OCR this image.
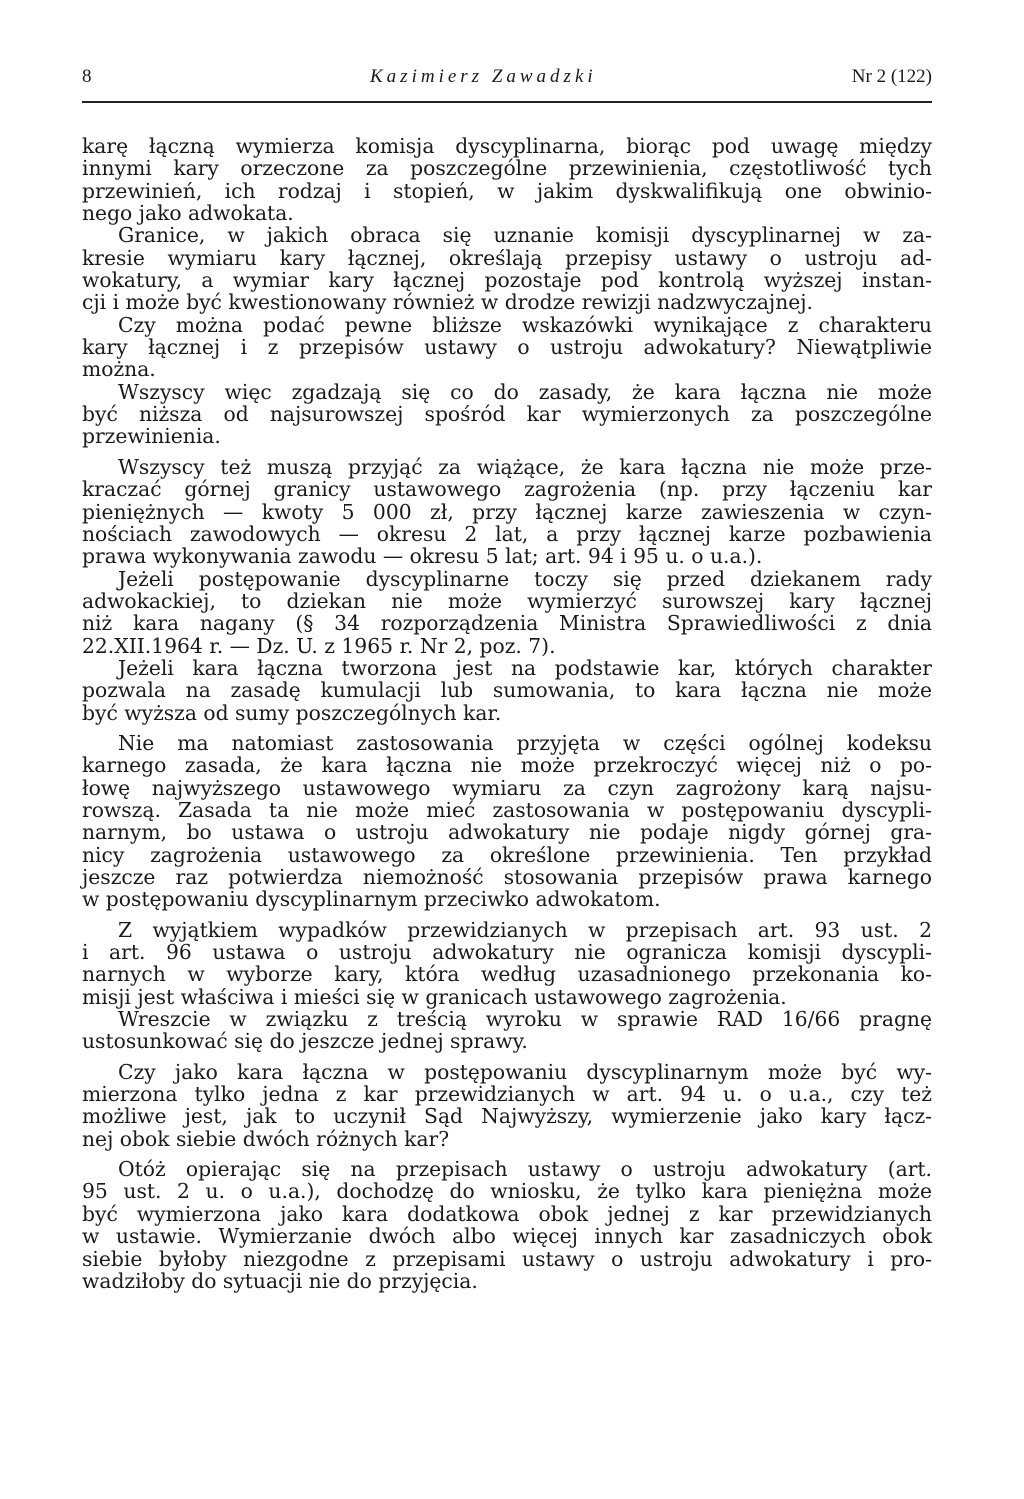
8	Kazimierz Zawadzki	Nr 2 (122)
karę łączną wymierza komisja dyscyplinarna, biorąc pod uwagę między
innymi kary orzeczone za poszczególne przewinienia, częstotliwość tych
przewinień, ich rodzaj i stopień, w jakim dyskwalifikują one obwinio-
nego jako adwokata.
Granice, w jakich obraca się uznanie komisji dyscyplinarnej w za-
kresie wymiaru kary łącznej, określają przepisy ustawy o ustroju ad-
wokatury, a wymiar kary łącznej pozostaje pod kontrolą wyższej instan-
cji i może być kwestionowany również w drodze rewizji nadzwyczajnej.
Czy można podać pewne bliższe wskazówki wynikające z charakteru
kary łącznej i z przepisów ustawy o ustroju adwokatury? Niewątpliwie
można.
Wszyscy więc zgadzają się co do zasady, że kara łączna nie może
być niższa od najsurowszej spośród kar wymierzonych za poszczególne
przewinienia.
Wszyscy też muszą przyjąć za wiążące, że kara łączna nie może prze-
kraczać górnej granicy ustawowego zagrożenia (np. przy łączeniu kar
pieniężnych — kwoty 5 000 zł, przy łącznej karze zawieszenia w czyn-
nościach zawodowych — okresu 2 lat, a przy łącznej karze pozbawienia
prawa wykonywania zawodu — okresu 5 lat; art. 94 i 95 u. o u.a.).
Jeżeli postępowanie dyscyplinarne toczy się przed dziekanem rady
adwokackiej, to dziekan nie może wymierzyć surowszej kary łącznej
niż kara nagany (§ 34 rozporządzenia Ministra Sprawiedliwości z dnia
22.XII.1964 r. — Dz. U. z 1965 r. Nr 2, poz. 7).
Jeżeli kara łączna tworzona jest na podstawie kar, których charakter
pozwala na zasadę kumulacji lub sumowania, to kara łączna nie może
być wyższa od sumy poszczególnych kar.
Nie ma natomiast zastosowania przyjęta w części ogólnej kodeksu
karnego zasada, że kara łączna nie może przekroczyć więcej niż o po-
łowę najwyższego ustawowego wymiaru za czyn zagrożony karą najsu-
rowszą. Zasada ta nie może mieć zastosowania w postępowaniu dyscypli-
narnym, bo ustawa o ustroju adwokatury nie podaje nigdy górnej gra-
nicy zagrożenia ustawowego za określone przewinienia. Ten przykład
jeszcze raz potwierdza niemożność stosowania przepisów prawa karnego
w postępowaniu dyscyplinarnym przeciwko adwokatom.
Z wyjątkiem wypadków przewidzianych w przepisach art. 93 ust. 2
i art. 96 ustawa o ustroju adwokatury nie ogranicza komisji dyscypli-
narnych w wyborze kary, która według uzasadnionego przekonania ko-
misji jest właściwa i mieści się w granicach ustawowego zagrożenia.
Wreszcie w związku z treścią wyroku w sprawie RAD 16/66 pragnę
ustosunkować się do jeszcze jednej sprawy.
Czy jako kara łączna w postępowaniu dyscyplinarnym może być wy-
mierzona tylko jedna z kar przewidzianych w art. 94 u. o u.a., czy też
możliwe jest, jak to uczynił Sąd Najwyższy, wymierzenie jako kary łącz-
nej obok siebie dwóch różnych kar?
Otóż opierając się na przepisach ustawy o ustroju adwokatury (art.
95 ust. 2 u. o u.a.), dochodzę do wniosku, że tylko kara pieniężna może
być wymierzona jako kara dodatkowa obok jednej z kar przewidzianych
w ustawie. Wymierzanie dwóch albo więcej innych kar zasadniczych obok
siebie byłoby niezgodne z przepisami ustawy o ustroju adwokatury i pro-
wadziłoby do sytuacji nie do przyjęcia.
